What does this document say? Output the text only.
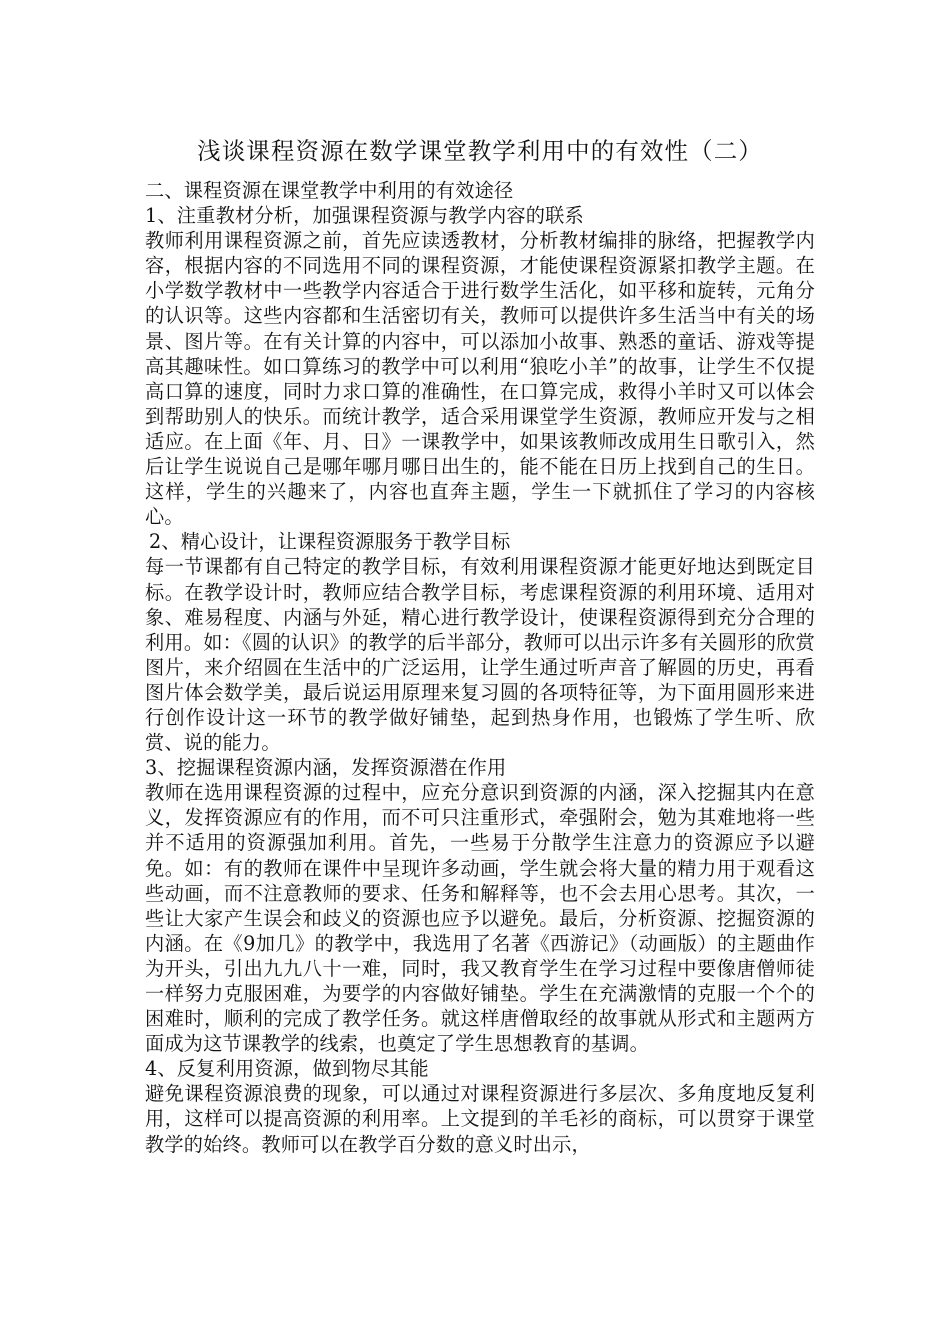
浅谈课程资源在数学课堂教学利用中的有效性（二）
二、课程资源在课堂教学中利用的有效途径
1、注重教材分析，加强课程资源与教学内容的联系
教师利用课程资源之前，首先应读透教材，分析教材编排的脉络，把握教学内容，根据内容的不同选用不同的课程资源，才能使课程资源紧扣教学主题。在小学数学教材中一些教学内容适合于进行数学生活化，如平移和旋转，元角分的认识等。这些内容都和生活密切有关，教师可以提供许多生活当中有关的场景、图片等。在有关计算的内容中，可以添加小故事、熟悉的童话、游戏等提高其趣味性。如口算练习的教学中可以利用“狼吃小羊”的故事，让学生不仅提高口算的速度，同时力求口算的准确性，在口算完成，救得小羊时又可以体会到帮助别人的快乐。而统计教学，适合采用课堂学生资源，教师应开发与之相适应。在上面《年、月、日》一课教学中，如果该教师改成用生日歌引入，然后让学生说说自己是哪年哪月哪日出生的，能不能在日历上找到自己的生日。这样，学生的兴趣来了，内容也直奔主题，学生一下就抓住了学习的内容核心。
2、精心设计，让课程资源服务于教学目标
每一节课都有自己特定的教学目标，有效利用课程资源才能更好地达到既定目标。在教学设计时，教师应结合教学目标，考虑课程资源的利用环境、适用对象、难易程度、内涵与外延，精心进行教学设计，使课程资源得到充分合理的利用。如：《圆的认识》的教学的后半部分，教师可以出示许多有关圆形的欣赏图片，来介绍圆在生活中的广泛运用，让学生通过听声音了解圆的历史，再看图片体会数学美，最后说运用原理来复习圆的各项特征等，为下面用圆形来进行创作设计这一环节的教学做好铺垫，起到热身作用，也锻炼了学生听、欣赏、说的能力。
3、挖掘课程资源内涵，发挥资源潜在作用
教师在选用课程资源的过程中，应充分意识到资源的内涵，深入挖掘其内在意义，发挥资源应有的作用，而不可只注重形式，牵强附会，勉为其难地将一些并不适用的资源强加利用。首先，一些易于分散学生注意力的资源应予以避免。如：有的教师在课件中呈现许多动画，学生就会将大量的精力用于观看这些动画，而不注意教师的要求、任务和解释等，也不会去用心思考。其次，一些让大家产生误会和歧义的资源也应予以避免。最后，分析资源、挖掘资源的内涵。在《9加几》的教学中，我选用了名著《西游记》（动画版）的主题曲作为开头，引出九九八十一难，同时，我又教育学生在学习过程中要像唐僧师徒一样努力克服困难，为要学的内容做好铺垫。学生在充满激情的克服一个个的困难时，顺利的完成了教学任务。就这样唐僧取经的故事就从形式和主题两方面成为这节课教学的线索，也奠定了学生思想教育的基调。
4、反复利用资源，做到物尽其能
避免课程资源浪费的现象，可以通过对课程资源进行多层次、多角度地反复利用，这样可以提高资源的利用率。上文提到的羊毛衫的商标，可以贯穿于课堂教学的始终。教师可以在教学百分数的意义时出示，
